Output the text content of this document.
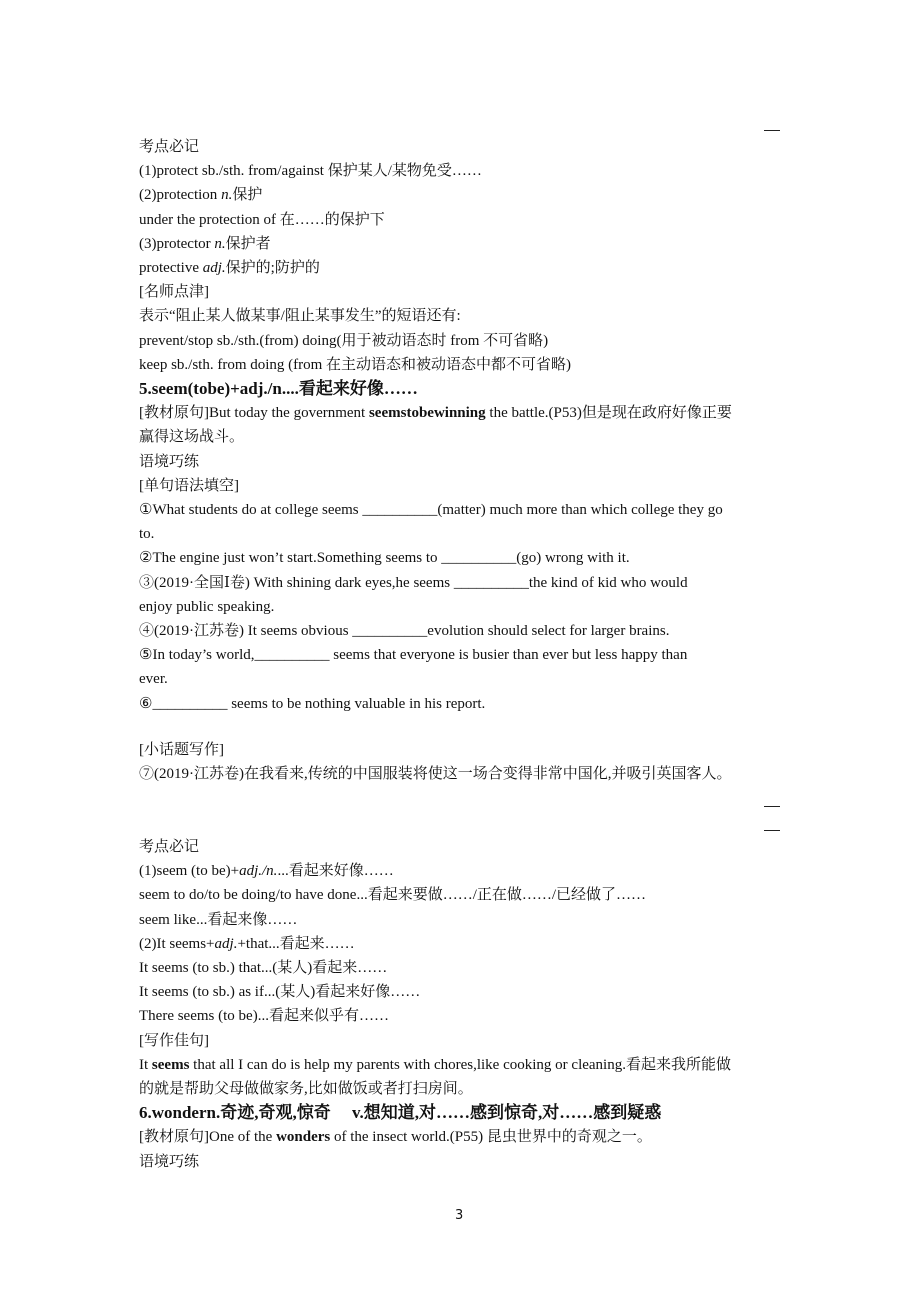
3
考点必记
(1)protect sb./sth. from/against 保护某人/某物免受……
(2)protection n.保护
under the protection of 在……的保护下
(3)protector n.保护者
protective adj.保护的;防护的
[名师点津]
表示“阻止某人做某事/阻止某事发生”的短语还有:
prevent/stop sb./sth.(from) doing(用于被动语态时 from 不可省略)
keep sb./sth. from doing (from 在主动语态和被动语态中都不可省略)
5.seem(tobe)+adj./n....看起来好像……
[教材原句]But today the government seemstobewinning the battle.(P53)但是现在政府好像正要
赢得这场战斗。
语境巧练
[单句语法填空]
①What students do at college seems __________(matter) much more than which college they go
to.
②The engine just won’t start.Something seems to __________(go) wrong with it.
③(2019·全国Ⅰ卷) With shining dark eyes,he seems __________the kind of kid who would
enjoy public speaking.
④(2019·江苏卷) It seems obvious __________evolution should select for larger brains.
⑤In today’s world,__________ seems that everyone is busier than ever but less happy than
ever.
⑥__________ seems to be nothing valuable in his report.
[小话题写作]
⑦(2019·江苏卷)在我看来,传统的中国服装将使这一场合变得非常中国化,并吸引英国客人。
考点必记
(1)seem (to be)+adj./n....看起来好像……
seem to do/to be doing/to have done...看起来要做……/正在做……/已经做了……
seem like...看起来像……
(2)It seems+adj.+that...看起来……
It seems (to sb.) that...(某人)看起来……
It seems (to sb.) as if...(某人)看起来好像……
There seems (to be)...看起来似乎有……
[写作佳句]
It seems that all I can do is help my parents with chores,like cooking or cleaning.看起来我所能做
的就是帮助父母做做家务,比如做饭或者打扫房间。
6.wondern.奇迹,奇观,惊奇　 v.想知道,对……感到惊奇,对……感到疑惑
[教材原句]One of the wonders of the insect world.(P55) 昆虫世界中的奇观之一。
语境巧练
